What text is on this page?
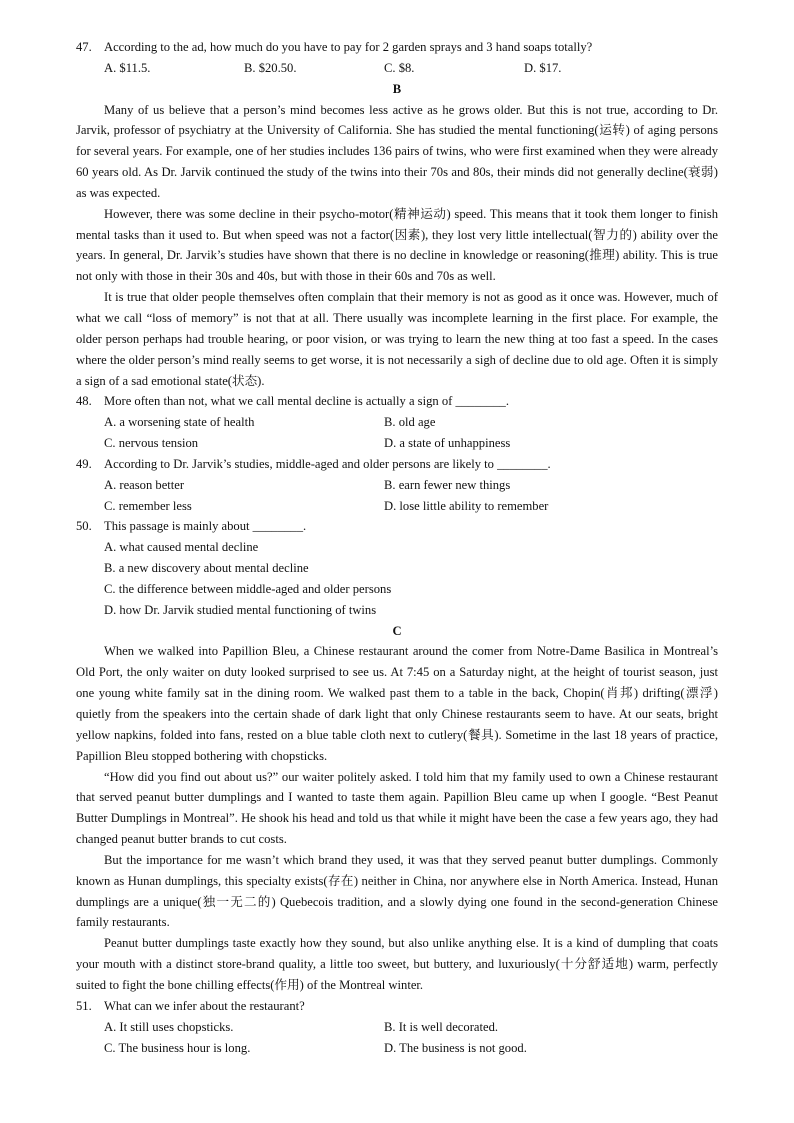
47. According to the ad, how much do you have to pay for 2 garden sprays and 3 hand soaps totally?
A. $11.5.	B. $20.50.	C. $8.	D. $17.
B
Many of us believe that a person’s mind becomes less active as he grows older. But this is not true, according to Dr. Jarvik, professor of psychiatry at the University of California. She has studied the mental functioning(运转) of aging persons for several years. For example, one of her studies includes 136 pairs of twins, who were first examined when they were already 60 years old. As Dr. Jarvik continued the study of the twins into their 70s and 80s, their minds did not generally decline(衰弱) as was expected.
However, there was some decline in their psycho-motor(精神运动) speed. This means that it took them longer to finish mental tasks than it used to. But when speed was not a factor(因素), they lost very little intellectual(智力的) ability over the years. In general, Dr. Jarvik’s studies have shown that there is no decline in knowledge or reasoning(推理) ability. This is true not only with those in their 30s and 40s, but with those in their 60s and 70s as well.
It is true that older people themselves often complain that their memory is not as good as it once was. However, much of what we call “loss of memory” is not that at all. There usually was incomplete learning in the first place. For example, the older person perhaps had trouble hearing, or poor vision, or was trying to learn the new thing at too fast a speed. In the cases where the older person’s mind really seems to get worse, it is not necessarily a sigh of decline due to old age. Often it is simply a sign of a sad emotional state(状态).
48. More often than not, what we call mental decline is actually a sign of ________.
A. a worsening state of health	B. old age
C. nervous tension	D. a state of unhappiness
49. According to Dr. Jarvik’s studies, middle-aged and older persons are likely to ________.
A. reason better	B. earn fewer new things
C. remember less	D. lose little ability to remember
50. This passage is mainly about ________.
A. what caused mental decline
B. a new discovery about mental decline
C. the difference between middle-aged and older persons
D. how Dr. Jarvik studied mental functioning of twins
C
When we walked into Papillion Bleu, a Chinese restaurant around the comer from Notre-Dame Basilica in Montreal’s Old Port, the only waiter on duty looked surprised to see us. At 7:45 on a Saturday night, at the height of tourist season, just one young white family sat in the dining room. We walked past them to a table in the back, Chopin(肖邦) drifting(漂浮) quietly from the speakers into the certain shade of dark light that only Chinese restaurants seem to have. At our seats, bright yellow napkins, folded into fans, rested on a blue table cloth next to cutlery(餐具). Sometime in the last 18 years of practice, Papillion Bleu stopped bothering with chopsticks.
“How did you find out about us?” our waiter politely asked. I told him that my family used to own a Chinese restaurant that served peanut butter dumplings and I wanted to taste them again. Papillion Bleu came up when I google. “Best Peanut Butter Dumplings in Montreal”. He shook his head and told us that while it might have been the case a few years ago, they had changed peanut butter brands to cut costs.
But the importance for me wasn’t which brand they used, it was that they served peanut butter dumplings. Commonly known as Hunan dumplings, this specialty exists(存在) neither in China, nor anywhere else in North America. Instead, Hunan dumplings are a unique(独一无二的) Quebecois tradition, and a slowly dying one found in the second-generation Chinese family restaurants.
Peanut butter dumplings taste exactly how they sound, but also unlike anything else. It is a kind of dumpling that coats your mouth with a distinct store-brand quality, a little too sweet, but buttery, and luxuriously(十分舒适地) warm, perfectly suited to fight the bone chilling effects(作用) of the Montreal winter.
51. What can we infer about the restaurant?
A. It still uses chopsticks.	B. It is well decorated.
C. The business hour is long.	D. The business is not good.
